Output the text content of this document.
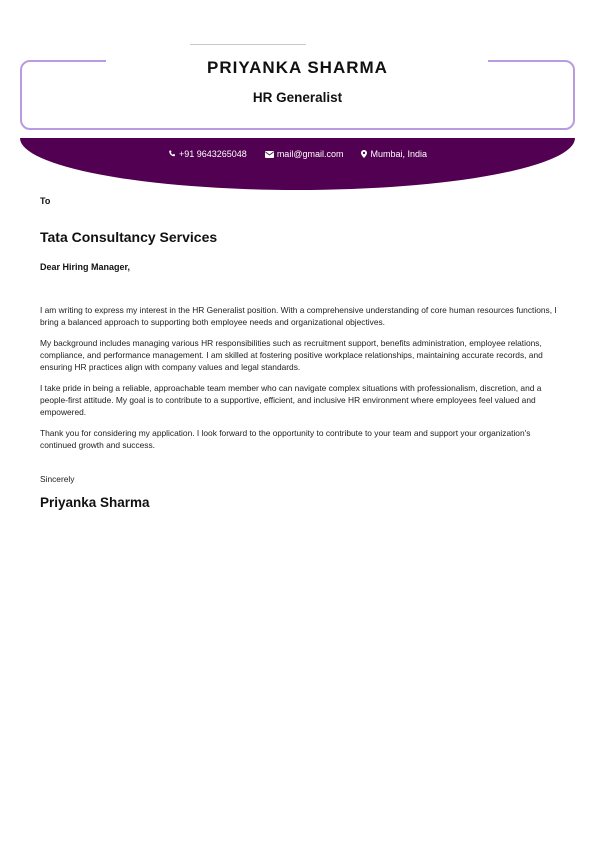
PRIYANKA SHARMA
HR Generalist
+91 9643265048	mail@gmail.com	Mumbai, India
To
Tata Consultancy Services
Dear Hiring Manager,

I am writing to express my interest in the HR Generalist position. With a comprehensive understanding of core human resources functions, I bring a balanced approach to supporting both employee needs and organizational objectives.

My background includes managing various HR responsibilities such as recruitment support, benefits administration, employee relations, compliance, and performance management. I am skilled at fostering positive workplace relationships, maintaining accurate records, and ensuring HR practices align with company values and legal standards.

I take pride in being a reliable, approachable team member who can navigate complex situations with professionalism, discretion, and a people-first attitude. My goal is to contribute to a supportive, efficient, and inclusive HR environment where employees feel valued and empowered.

Thank you for considering my application. I look forward to the opportunity to contribute to your team and support your organization's continued growth and success.

Sincerely
Priyanka Sharma
